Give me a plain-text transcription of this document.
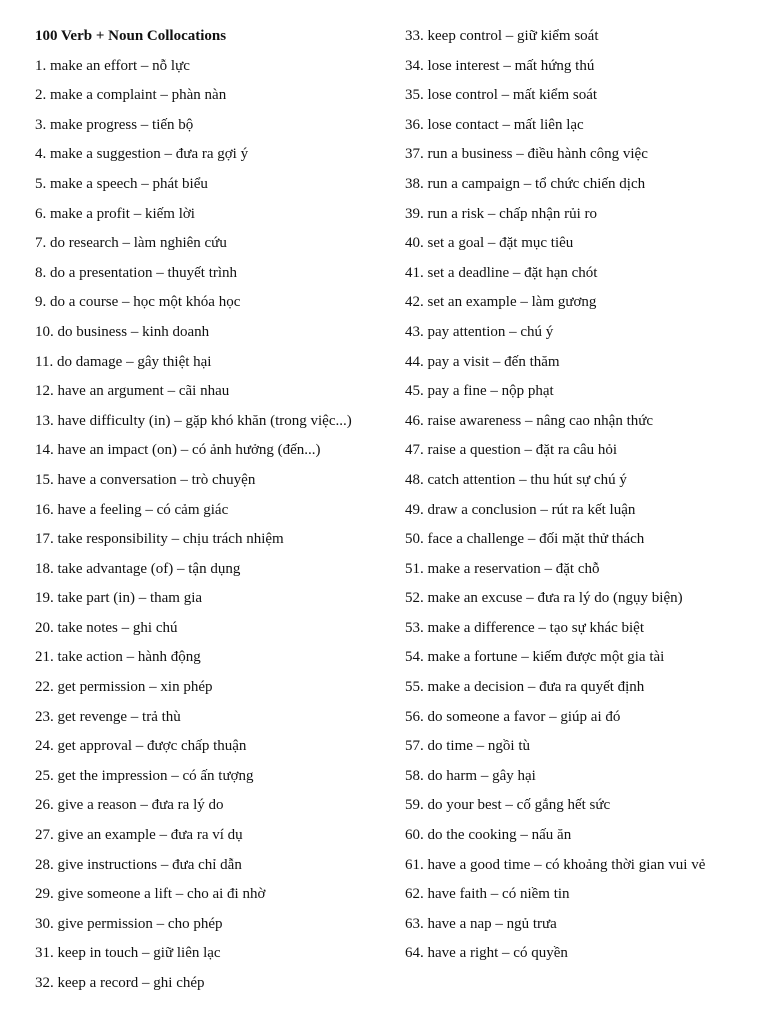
100 Verb + Noun Collocations
1. make an effort – nỗ lực
2. make a complaint – phàn nàn
3. make progress – tiến bộ
4. make a suggestion – đưa ra gợi ý
5. make a speech – phát biểu
6. make a profit – kiếm lời
7. do research – làm nghiên cứu
8. do a presentation – thuyết trình
9. do a course – học một khóa học
10. do business – kinh doanh
11. do damage – gây thiệt hại
12. have an argument – cãi nhau
13. have difficulty (in) – gặp khó khăn (trong việc...)
14. have an impact (on) – có ảnh hưởng (đến...)
15. have a conversation – trò chuyện
16. have a feeling – có cảm giác
17. take responsibility – chịu trách nhiệm
18. take advantage (of) – tận dụng
19. take part (in) – tham gia
20. take notes – ghi chú
21. take action – hành động
22. get permission – xin phép
23. get revenge – trả thù
24. get approval – được chấp thuận
25. get the impression – có ấn tượng
26. give a reason – đưa ra lý do
27. give an example – đưa ra ví dụ
28. give instructions – đưa chỉ dẫn
29. give someone a lift – cho ai đi nhờ
30. give permission – cho phép
31. keep in touch – giữ liên lạc
32. keep a record – ghi chép
33. keep control – giữ kiểm soát
34. lose interest – mất hứng thú
35. lose control – mất kiểm soát
36. lose contact – mất liên lạc
37. run a business – điều hành công việc
38. run a campaign – tổ chức chiến dịch
39. run a risk – chấp nhận rủi ro
40. set a goal – đặt mục tiêu
41. set a deadline – đặt hạn chót
42. set an example – làm gương
43. pay attention – chú ý
44. pay a visit – đến thăm
45. pay a fine – nộp phạt
46. raise awareness – nâng cao nhận thức
47. raise a question – đặt ra câu hỏi
48. catch attention – thu hút sự chú ý
49. draw a conclusion – rút ra kết luận
50. face a challenge – đối mặt thử thách
51. make a reservation – đặt chỗ
52. make an excuse – đưa ra lý do (ngụy biện)
53. make a difference – tạo sự khác biệt
54. make a fortune – kiếm được một gia tài
55. make a decision – đưa ra quyết định
56. do someone a favor – giúp ai đó
57. do time – ngồi tù
58. do harm – gây hại
59. do your best – cố gắng hết sức
60. do the cooking – nấu ăn
61. have a good time – có khoảng thời gian vui vẻ
62. have faith – có niềm tin
63. have a nap – ngủ trưa
64. have a right – có quyền
